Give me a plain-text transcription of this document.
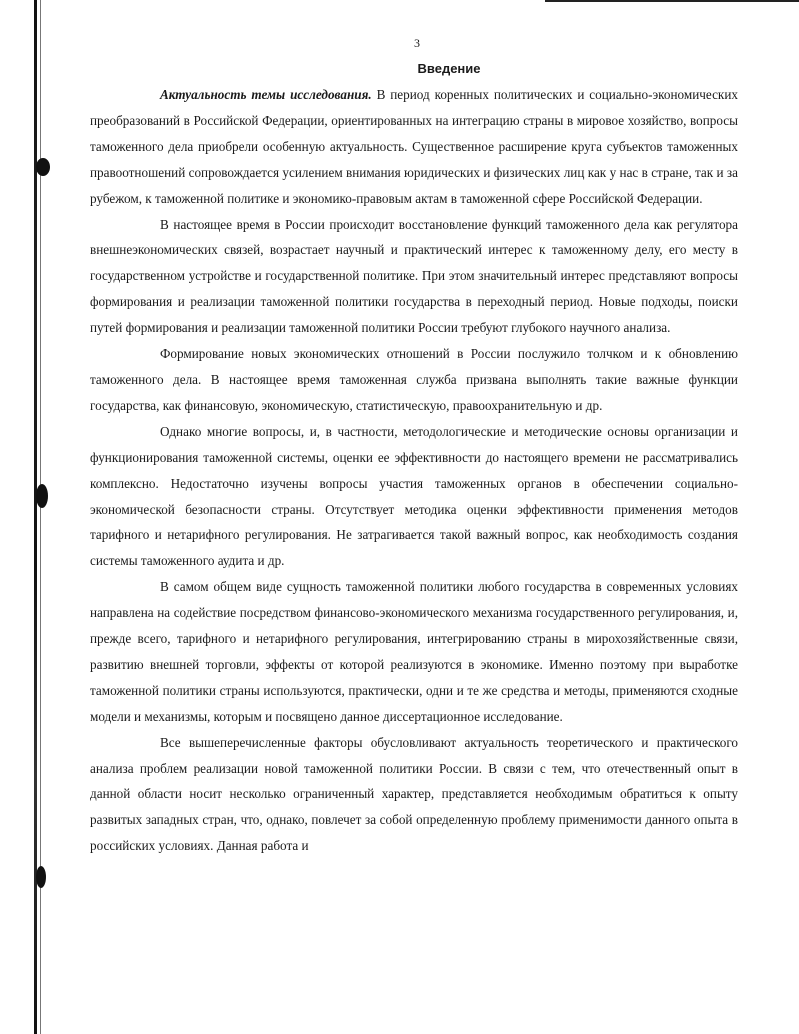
3
Введение

Актуальность темы исследования. В период коренных политических и социально-экономических преобразований в Российской Федерации, ориентированных на интеграцию страны в мировое хозяйство, вопросы таможенного дела приобрели особенную актуальность. Существенное расширение круга субъектов таможенных правоотношений сопровождается усилением внимания юридических и физических лиц как у нас в стране, так и за рубежом, к таможенной политике и экономико-правовым актам в таможенной сфере Российской Федерации.

В настоящее время в России происходит восстановление функций таможенного дела как регулятора внешнеэкономических связей, возрастает научный и практический интерес к таможенному делу, его месту в государственном устройстве и государственной политике. При этом значительный интерес представляют вопросы формирования и реализации таможенной политики государства в переходный период. Новые подходы, поиски путей формирования и реализации таможенной политики России требуют глубокого научного анализа.

Формирование новых экономических отношений в России послужило толчком и к обновлению таможенного дела. В настоящее время таможенная служба призвана выполнять такие важные функции государства, как финансовую, экономическую, статистическую, правоохранительную и др.

Однако многие вопросы, и, в частности, методологические и методические основы организации и функционирования таможенной системы, оценки ее эффективности до настоящего времени не рассматривались комплексно. Недостаточно изучены вопросы участия таможенных органов в обеспечении социально-экономической безопасности страны. Отсутствует методика оценки эффективности применения методов тарифного и нетарифного регулирования. Не затрагивается такой важный вопрос, как необходимость создания системы таможенного аудита и др.

В самом общем виде сущность таможенной политики любого государства в современных условиях направлена на содействие посредством финансово-экономического механизма государственного регулирования, и, прежде всего, тарифного и нетарифного регулирования, интегрированию страны в мирохозяйственные связи, развитию внешней торговли, эффекты от которой реализуются в экономике. Именно поэтому при выработке таможенной политики страны используются, практически, одни и те же средства и методы, применяются сходные модели и механизмы, которым и посвящено данное диссертационное исследование.

Все вышеперечисленные факторы обусловливают актуальность теоретического и практического анализа проблем реализации новой таможенной политики России. В связи с тем, что отечественный опыт в данной области носит несколько ограниченный характер, представляется необходимым обратиться к опыту развитых западных стран, что, однако, повлечет за собой определенную проблему применимости данного опыта в российских условиях. Данная работа и
